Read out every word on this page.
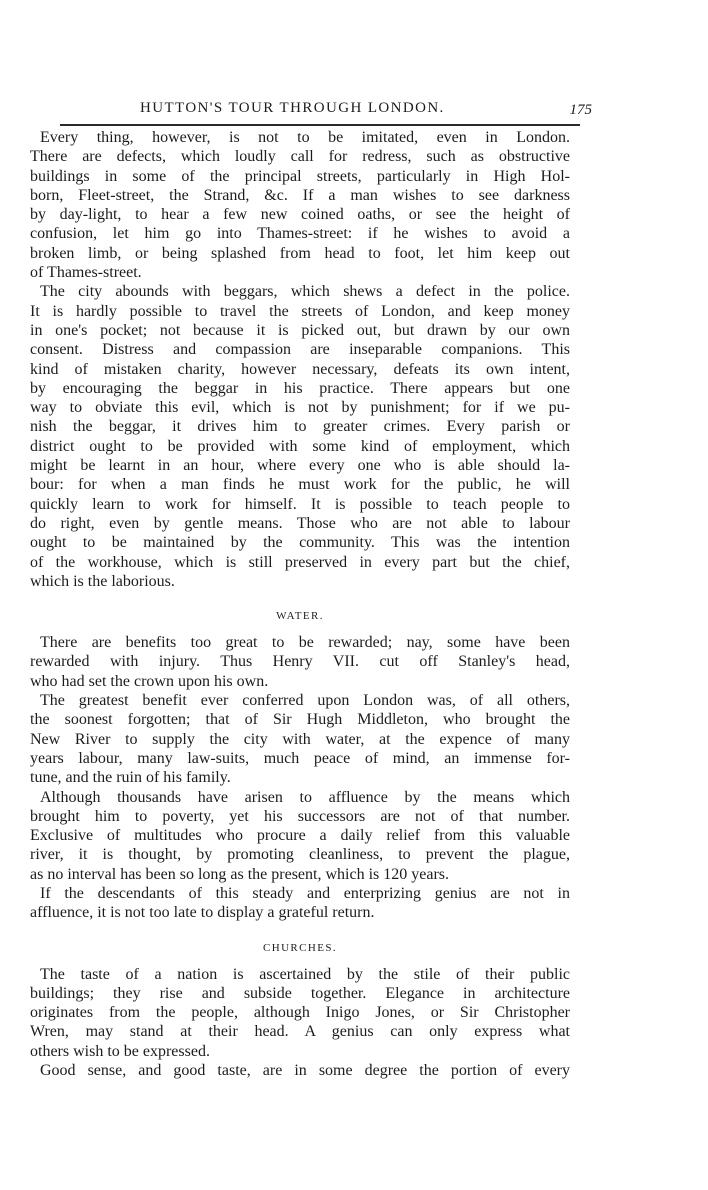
HUTTON'S TOUR THROUGH LONDON.	175
Every thing, however, is not to be imitated, even in London.
There are defects, which loudly call for redress, such as obstructive
buildings in some of the principal streets, particularly in High Hol-
born, Fleet-street, the Strand, &c. If a man wishes to see darkness
by day-light, to hear a few new coined oaths, or see the height of
confusion, let him go into Thames-street: if he wishes to avoid a
broken limb, or being splashed from head to foot, let him keep out
of Thames-street.
The city abounds with beggars, which shews a defect in the police.
It is hardly possible to travel the streets of London, and keep money
in one's pocket; not because it is picked out, but drawn by our own
consent. Distress and compassion are inseparable companions. This
kind of mistaken charity, however necessary, defeats its own intent,
by encouraging the beggar in his practice. There appears but one
way to obviate this evil, which is not by punishment; for if we pu-
nish the beggar, it drives him to greater crimes. Every parish or
district ought to be provided with some kind of employment, which
might be learnt in an hour, where every one who is able should la-
bour: for when a man finds he must work for the public, he will
quickly learn to work for himself. It is possible to teach people to
do right, even by gentle means. Those who are not able to labour
ought to be maintained by the community. This was the intention
of the workhouse, which is still preserved in every part but the chief,
which is the laborious.
WATER.
There are benefits too great to be rewarded; nay, some have been
rewarded with injury. Thus Henry VII. cut off Stanley's head,
who had set the crown upon his own.
The greatest benefit ever conferred upon London was, of all others,
the soonest forgotten; that of Sir Hugh Middleton, who brought the
New River to supply the city with water, at the expence of many
years labour, many law-suits, much peace of mind, an immense for-
tune, and the ruin of his family.
Although thousands have arisen to affluence by the means which
brought him to poverty, yet his successors are not of that number.
Exclusive of multitudes who procure a daily relief from this valuable
river, it is thought, by promoting cleanliness, to prevent the plague,
as no interval has been so long as the present, which is 120 years.
If the descendants of this steady and enterprizing genius are not in
affluence, it is not too late to display a grateful return.
CHURCHES.
The taste of a nation is ascertained by the stile of their public
buildings; they rise and subside together. Elegance in architecture
originates from the people, although Inigo Jones, or Sir Christopher
Wren, may stand at their head. A genius can only express what
others wish to be expressed.
Good sense, and good taste, are in some degree the portion of every
